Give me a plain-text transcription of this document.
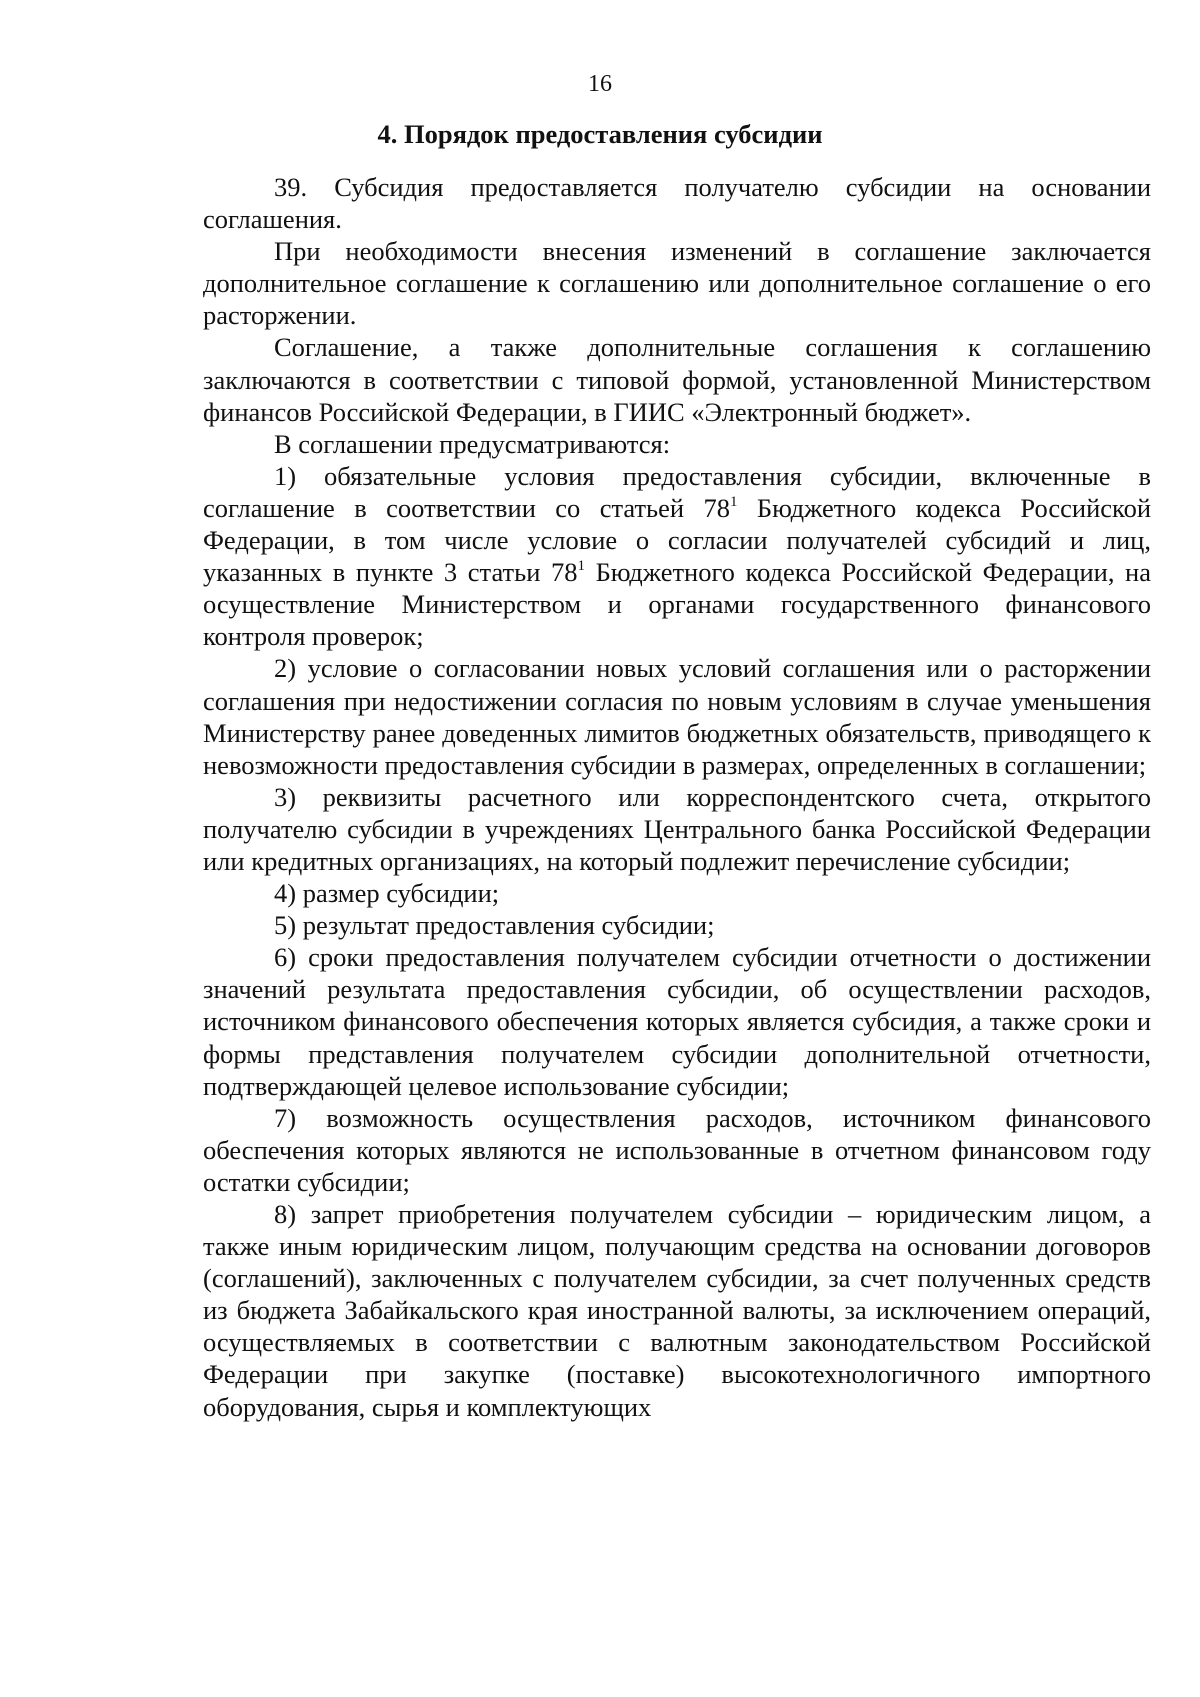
16
4. Порядок предоставления субсидии

39. Субсидия предоставляется получателю субсидии на основании соглашения.

При необходимости внесения изменений в соглашение заключается дополнительное соглашение к соглашению или дополнительное соглашение о его расторжении.

Соглашение, а также дополнительные соглашения к соглашению заключаются в соответствии с типовой формой, установленной Министерством финансов Российской Федерации, в ГИИС «Электронный бюджет».

В соглашении предусматриваются:

1) обязательные условия предоставления субсидии, включенные в соглашение в соответствии со статьей $78^1$ Бюджетного кодекса Российской Федерации, в том числе условие о согласии получателей субсидий и лиц, указанных в пункте 3 статьи $78^1$ Бюджетного кодекса Российской Федерации, на осуществление Министерством и органами государственного финансового контроля проверок;

2) условие о согласовании новых условий соглашения или о расторжении соглашения при недостижении согласия по новым условиям в случае уменьшения Министерству ранее доведенных лимитов бюджетных обязательств, приводящего к невозможности предоставления субсидии в размерах, определенных в соглашении;

3) реквизиты расчетного или корреспондентского счета, открытого получателю субсидии в учреждениях Центрального банка Российской Федерации или кредитных организациях, на который подлежит перечисление субсидии;

4) размер субсидии;

5) результат предоставления субсидии;

6) сроки предоставления получателем субсидии отчетности о достижении значений результата предоставления субсидии, об осуществлении расходов, источником финансового обеспечения которых является субсидия, а также сроки и формы представления получателем субсидии дополнительной отчетности, подтверждающей целевое использование субсидии;

7) возможность осуществления расходов, источником финансового обеспечения которых являются не использованные в отчетном финансовом году остатки субсидии;

8) запрет приобретения получателем субсидии – юридическим лицом, а также иным юридическим лицом, получающим средства на основании договоров (соглашений), заключенных с получателем субсидии, за счет полученных средств из бюджета Забайкальского края иностранной валюты, за исключением операций, осуществляемых в соответствии с валютным законодательством Российской Федерации при закупке (поставке) высокотехнологичного импортного оборудования, сырья и комплектующих
